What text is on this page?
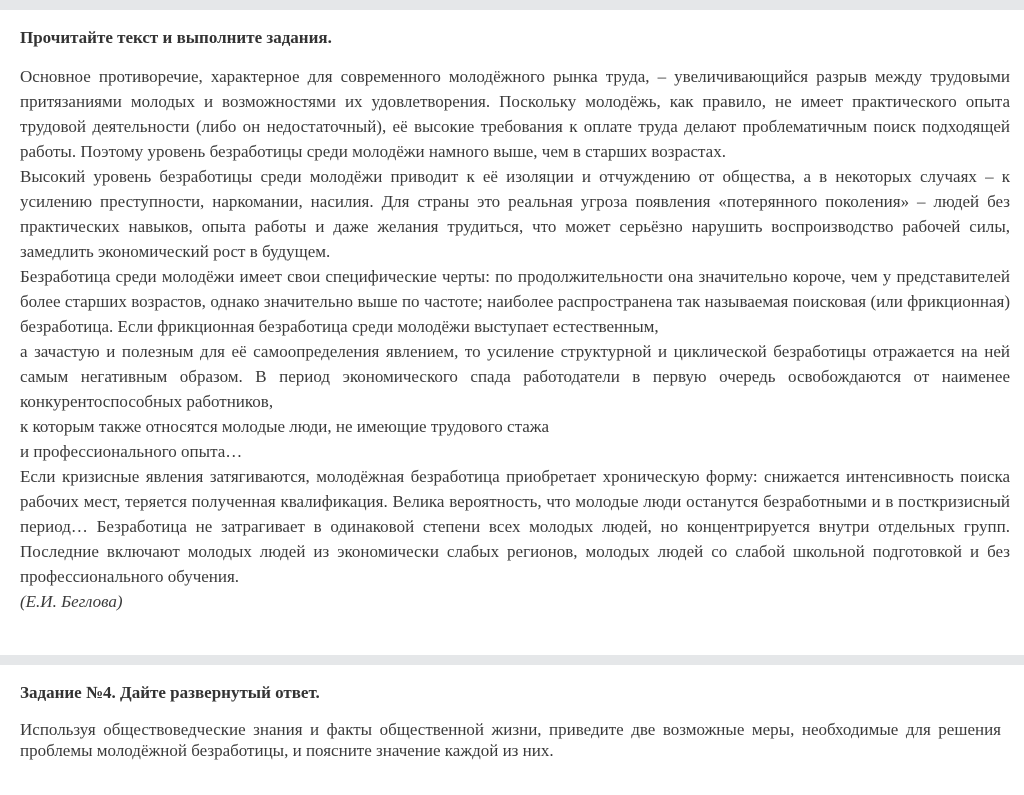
Прочитайте текст и выполните задания.

Основное противоречие, характерное для современного молодёжного рынка труда, – увеличивающийся разрыв между трудовыми притязаниями молодых и возможностями их удовлетворения. Поскольку молодёжь, как правило, не имеет практического опыта трудовой деятельности (либо он недостаточный), её высокие требования к оплате труда делают проблематичным поиск подходящей работы. Поэтому уровень безработицы среди молодёжи намного выше, чем в старших возрастах.

Высокий уровень безработицы среди молодёжи приводит к её изоляции и отчуждению от общества, а в некоторых случаях – к усилению преступности, наркомании, насилия. Для страны это реальная угроза появления «потерянного поколения» – людей без практических навыков, опыта работы и даже желания трудиться, что может серьёзно нарушить воспроизводство рабочей силы, замедлить экономический рост в будущем.

Безработица среди молодёжи имеет свои специфические черты: по продолжительности она значительно короче, чем у представителей более старших возрастов, однако значительно выше по частоте; наиболее распространена так называемая поисковая (или фрикционная) безработица. Если фрикционная безработица среди молодёжи выступает естественным,

а зачастую и полезным для её самоопределения явлением, то усиление структурной и циклической безработицы отражается на ней самым негативным образом. В период экономического спада работодатели в первую очередь освобождаются от наименее конкурентоспособных работников,

к которым также относятся молодые люди, не имеющие трудового стажа

и профессионального опыта…

Если кризисные явления затягиваются, молодёжная безработица приобретает хроническую форму: снижается интенсивность поиска рабочих мест, теряется полученная квалификация. Велика вероятность, что молодые люди останутся безработными и в посткризисный период… Безработица не затрагивает в одинаковой степени всех молодых людей, но концентрируется внутри отдельных групп. Последние включают молодых людей из экономически слабых регионов, молодых людей со слабой школьной подготовкой и без профессионального обучения.

(Е.И. Беглова)

Задание №4. Дайте развернутый ответ.

Используя обществоведческие знания и факты общественной жизни, приведите две возможные меры, необходимые для решения проблемы молодёжной безработицы, и поясните значение каждой из них.
